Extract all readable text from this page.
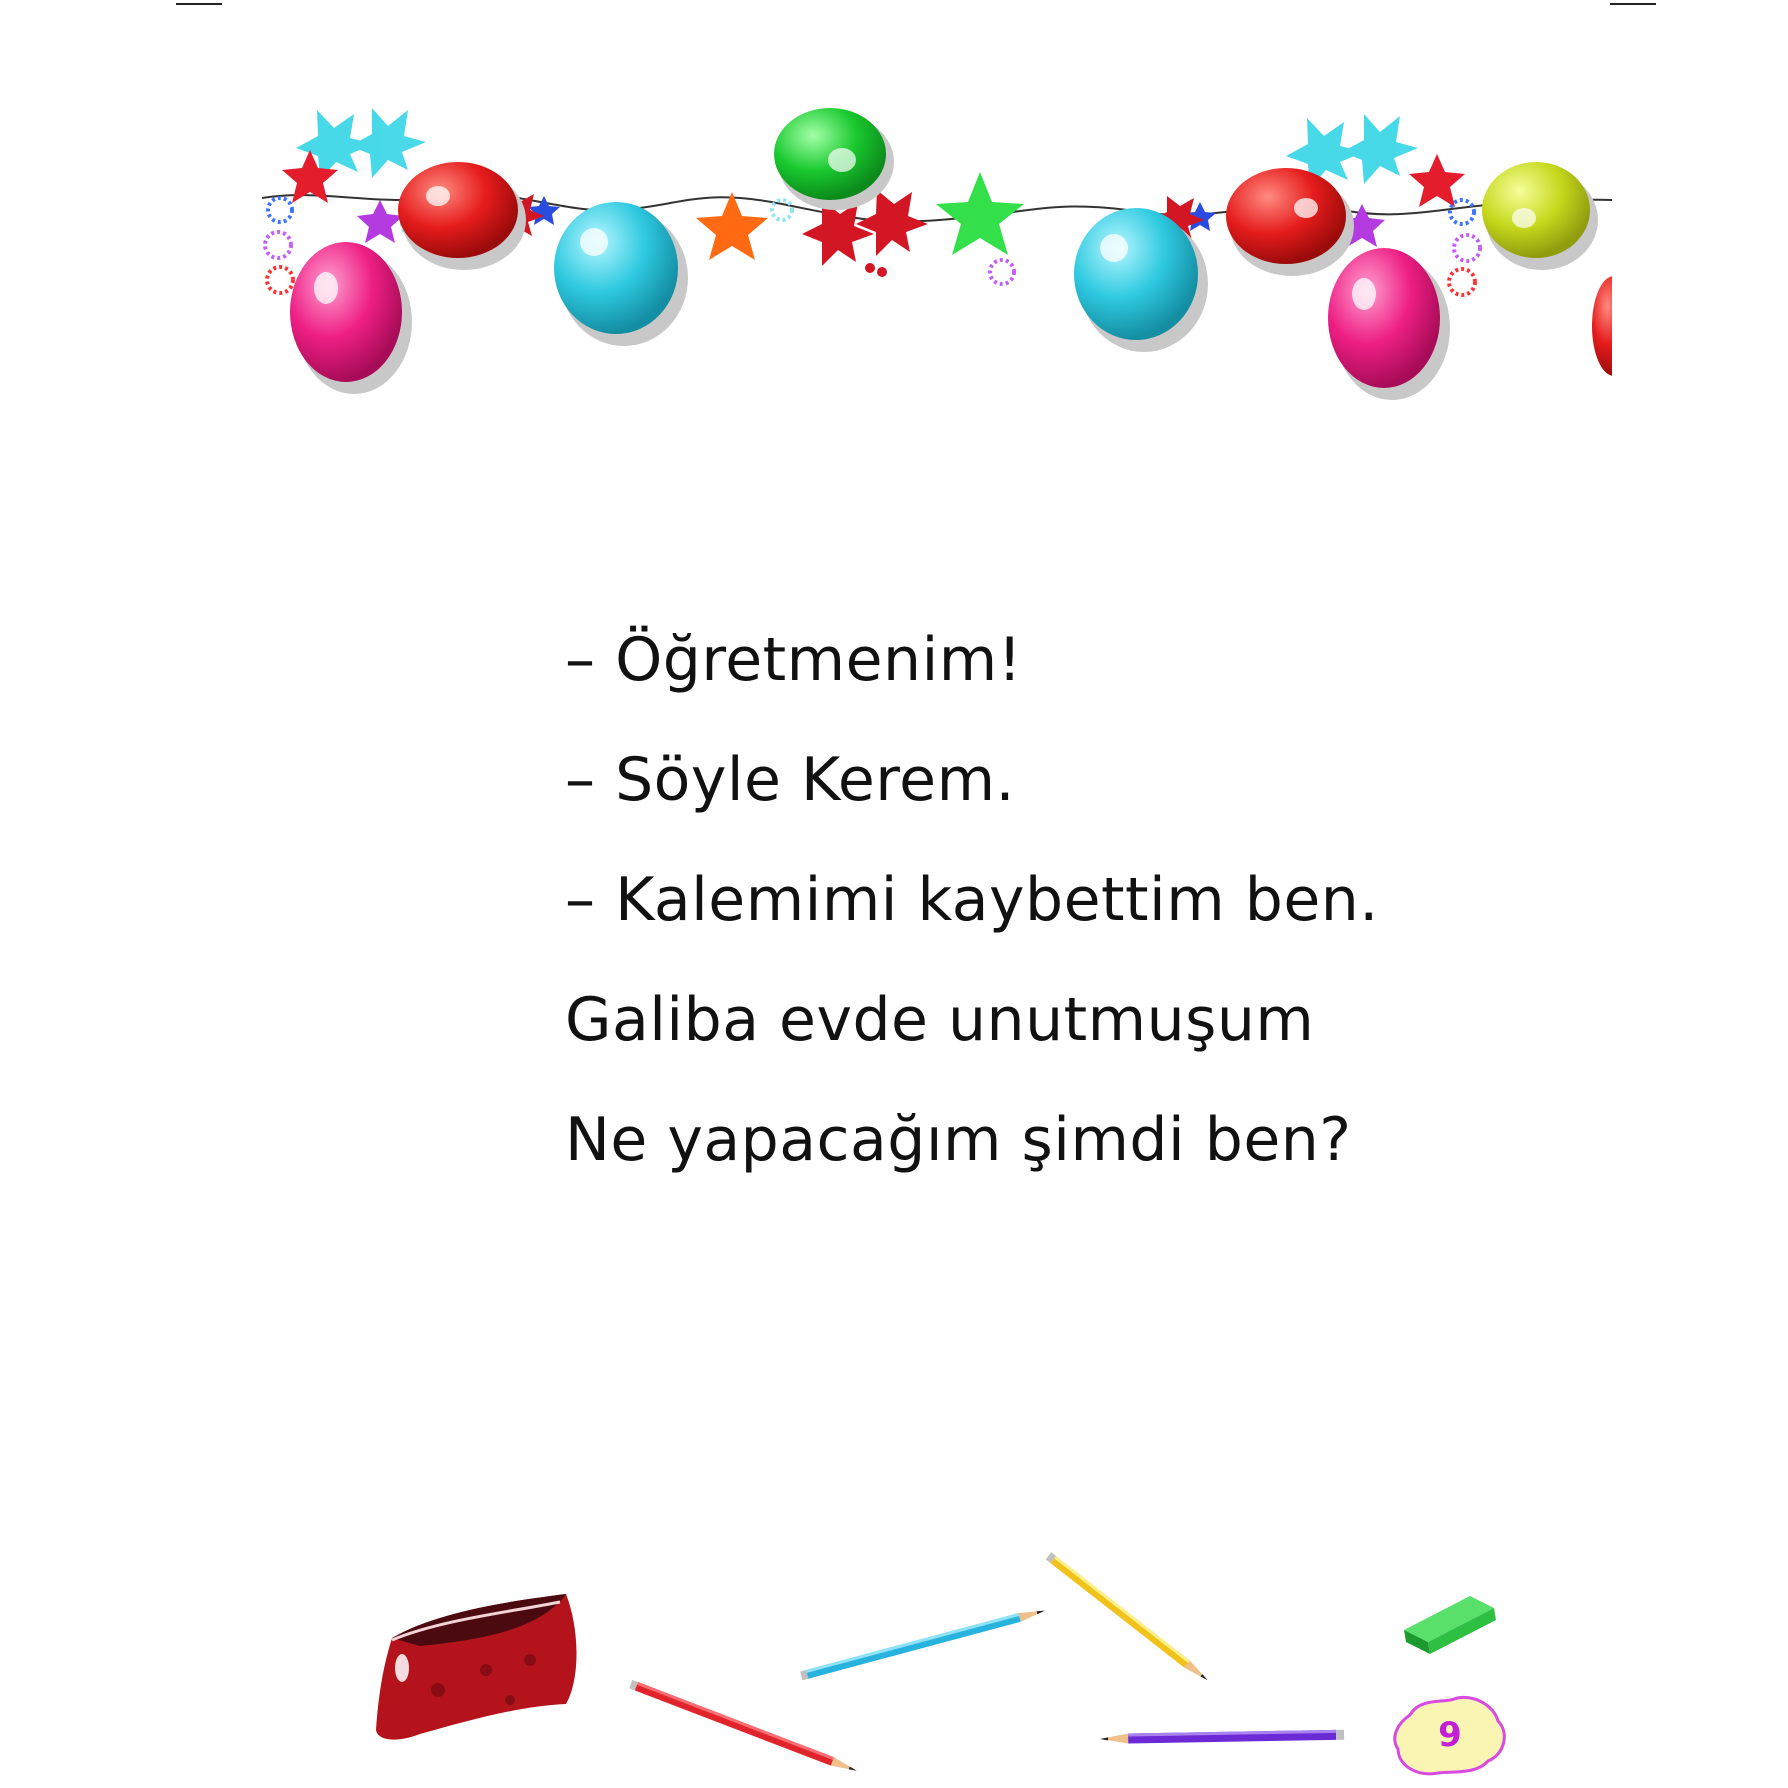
– Öğretmenim!
– Söyle Kerem.
– Kalemimi kaybettim ben.
Galiba evde unutmuşum
Ne yapacağım şimdi ben?
9
